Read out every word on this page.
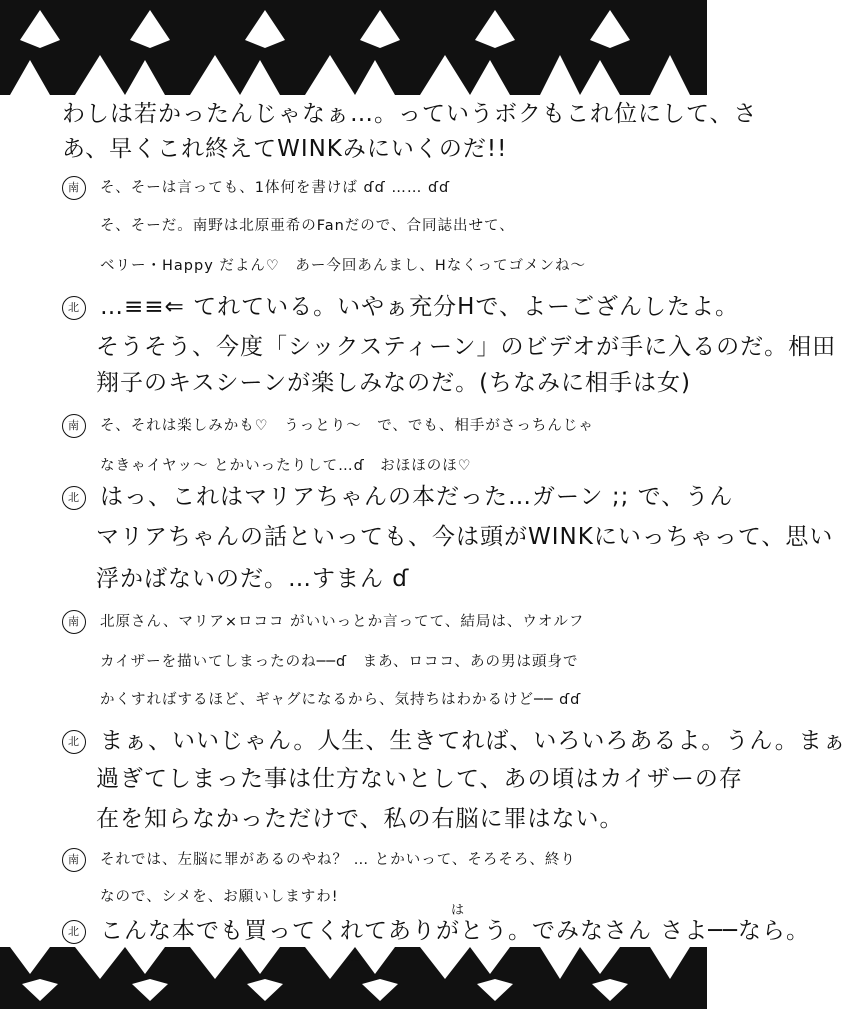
わしは若かったんじゃなぁ…。っていうボクもこれ位にして、さ
あ、早くこれ終えてWINKみにいくのだ!!
南 そ、そーは言っても、1体何を書けば ɗɗ …… ɗɗ
そ、そーだ。南野は北原亜希のFanだので、合同誌出せて、
ベリー・Happy だよん♡　あー今回あんまし、Hなくってゴメンね〜
北 …≡≡⇐ てれている。いやぁ充分Hで、よーござんしたよ。
そうそう、今度「シックスティーン」のビデオが手に入るのだ。相田
翔子のキスシーンが楽しみなのだ。(ちなみに相手は女)
南 そ、それは楽しみかも♡　うっとり〜　で、でも、相手がさっちんじゃ
なきゃイヤッ〜 とかいったりして…ɗ　おほほのほ♡
北 はっ、これはマリアちゃんの本だった…ガーン ;; で、うん
マリアちゃんの話といっても、今は頭がWINKにいっちゃって、思い
浮かばないのだ。…すまん ɗ
南 北原さん、マリア×ロココ がいいっとか言ってて、結局は、ウオルフ
カイザーを描いてしまったのね──ɗ　まあ、ロココ、あの男は頭身で
かくすればするほど、ギャグになるから、気持ちはわかるけど── ɗɗ
北 まぁ、いいじゃん。人生、生きてれば、いろいろあるよ。うん。まぁ
過ぎてしまった事は仕方ないとして、あの頃はカイザーの存
在を知らなかっただけで、私の右脳に罪はない。
南 それでは、左脳に罪があるのやね？ … とかいって、そろそろ、終り
なので、シメを、お願いしますわ!
は
北 こんな本でも買ってくれてありがとう。でみなさん さよ──なら。
49
